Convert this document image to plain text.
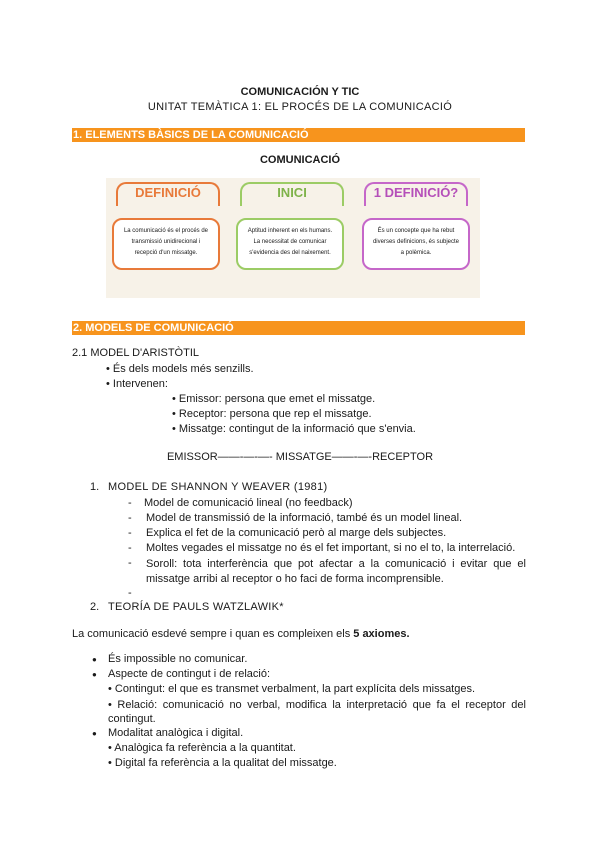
COMUNICACIÓN Y TIC
UNITAT TEMÀTICA 1: EL PROCÉS DE LA COMUNICACIÓ
1. ELEMENTS BÀSICS DE LA COMUNICACIÓ
COMUNICACIÓ
DEFINICIÓ
La comunicació és el procés de
transmissió unidirecional i
recepció d'un missatge.
INICI
Aptitud inherent en els humans.
La necessitat de comunicar
s'evidencia des del naixement.
1 DEFINICIÓ?
És un concepte que ha rebut
diverses definicions, és subjecte
a polèmica.
2. MODELS DE COMUNICACIÓ
2.1 MODEL D'ARISTÒTIL
• És dels models més senzills.
• Intervenen:
• Emissor: persona que emet el missatge.
• Receptor: persona que rep el missatge.
• Missatge: contingut de la informació que s'envia.
EMISSOR——-—-—- MISSATGE——-—-RECEPTOR
1. MODEL DE SHANNON Y WEAVER (1981)
- Model de comunicació lineal (no feedback)
- Model de transmissió de la informació, també és un model lineal.
- Explica el fet de la comunicació però al marge dels subjectes.
- Moltes vegades el missatge no és el fet important, si no el to, la interrelació.
- Soroll: tota interferència que pot afectar a la comunicació i evitar que el missatge arribi al receptor o ho faci de forma incomprensible.
-
2. TEORÍA DE PAULS WATZLAWIK*
La comunicació esdevé sempre i quan es compleixen els 5 axiomes.
● És impossible no comunicar.
● Aspecte de contingut i de relació:
• Contingut: el que es transmet verbalment, la part explícita dels missatges.
• Relació: comunicació no verbal, modifica la interpretació que fa el receptor del contingut.
● Modalitat analògica i digital.
• Analògica fa referència a la quantitat.
• Digital fa referència a la qualitat del missatge.
